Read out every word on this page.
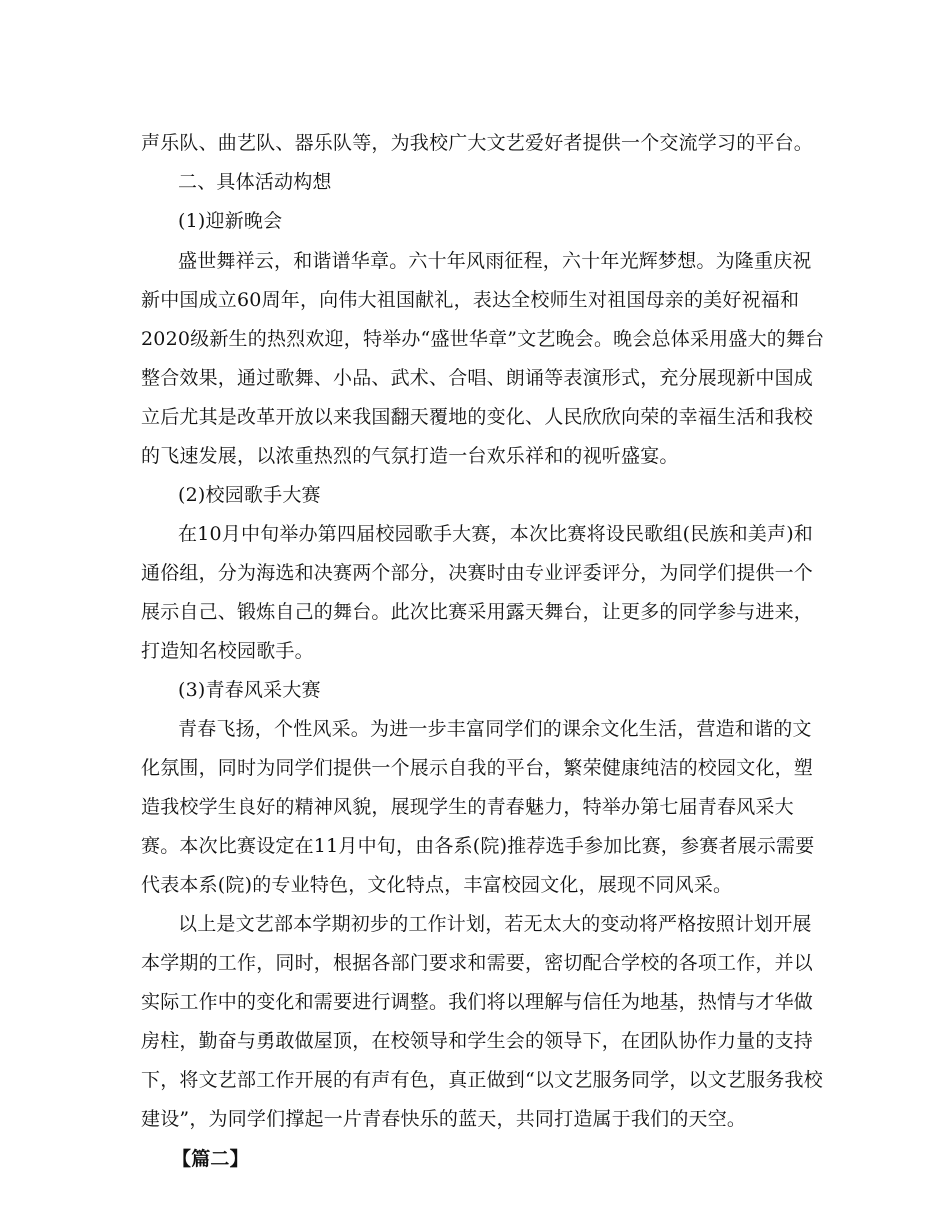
声乐队、曲艺队、器乐队等，为我校广大文艺爱好者提供一个交流学习的平台。
二、具体活动构想
(1)迎新晚会
盛世舞祥云，和谐谱华章。六十年风雨征程，六十年光辉梦想。为隆重庆祝
新中国成立60周年，向伟大祖国献礼，表达全校师生对祖国母亲的美好祝福和
2020级新生的热烈欢迎，特举办“盛世华章”文艺晚会。晚会总体采用盛大的舞台
整合效果，通过歌舞、小品、武术、合唱、朗诵等表演形式，充分展现新中国成
立后尤其是改革开放以来我国翻天覆地的变化、人民欣欣向荣的幸福生活和我校
的飞速发展，以浓重热烈的气氛打造一台欢乐祥和的视听盛宴。
(2)校园歌手大赛
在10月中旬举办第四届校园歌手大赛，本次比赛将设民歌组(民族和美声)和
通俗组，分为海选和决赛两个部分，决赛时由专业评委评分，为同学们提供一个
展示自己、锻炼自己的舞台。此次比赛采用露天舞台，让更多的同学参与进来，
打造知名校园歌手。
(3)青春风采大赛
青春飞扬，个性风采。为进一步丰富同学们的课余文化生活，营造和谐的文
化氛围，同时为同学们提供一个展示自我的平台，繁荣健康纯洁的校园文化，塑
造我校学生良好的精神风貌，展现学生的青春魅力，特举办第七届青春风采大
赛。本次比赛设定在11月中旬，由各系(院)推荐选手参加比赛，参赛者展示需要
代表本系(院)的专业特色，文化特点，丰富校园文化，展现不同风采。
以上是文艺部本学期初步的工作计划，若无太大的变动将严格按照计划开展
本学期的工作，同时，根据各部门要求和需要，密切配合学校的各项工作，并以
实际工作中的变化和需要进行调整。我们将以理解与信任为地基，热情与才华做
房柱，勤奋与勇敢做屋顶，在校领导和学生会的领导下，在团队协作力量的支持
下，将文艺部工作开展的有声有色，真正做到“以文艺服务同学，以文艺服务我校
建设”，为同学们撑起一片青春快乐的蓝天，共同打造属于我们的天空。
【篇二】
